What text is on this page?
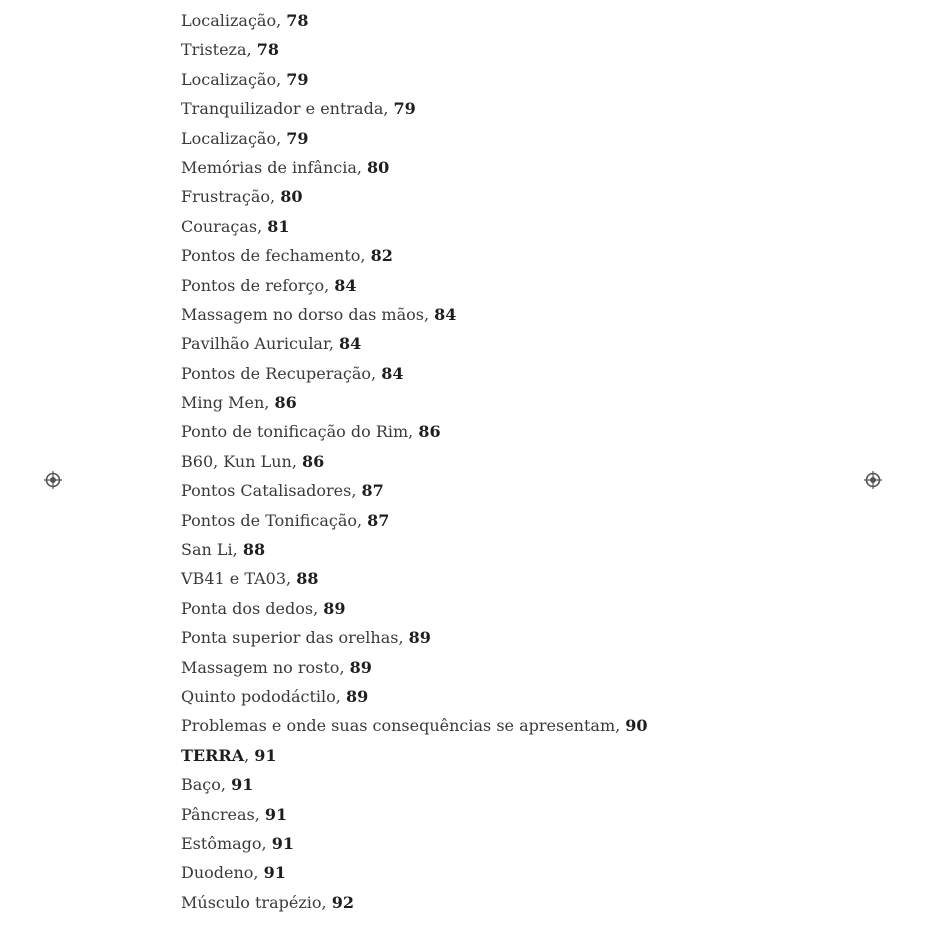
Localização, 78
Tristeza, 78
Localização, 79
Tranquilizador e entrada, 79
Localização, 79
Memórias de infância, 80
Frustração, 80
Couraças, 81
Pontos de fechamento, 82
Pontos de reforço, 84
Massagem no dorso das mãos, 84
Pavilhão Auricular, 84
Pontos de Recuperação, 84
Ming Men, 86
Ponto de tonificação do Rim, 86
B60, Kun Lun, 86
Pontos Catalisadores, 87
Pontos de Tonificação, 87
San Li, 88
VB41 e TA03, 88
Ponta dos dedos, 89
Ponta superior das orelhas, 89
Massagem no rosto, 89
Quinto pododáctilo, 89
Problemas e onde suas consequências se apresentam, 90
TERRA, 91
Baço, 91
Pâncreas, 91
Estômago, 91
Duodeno, 91
Músculo trapézio, 92
